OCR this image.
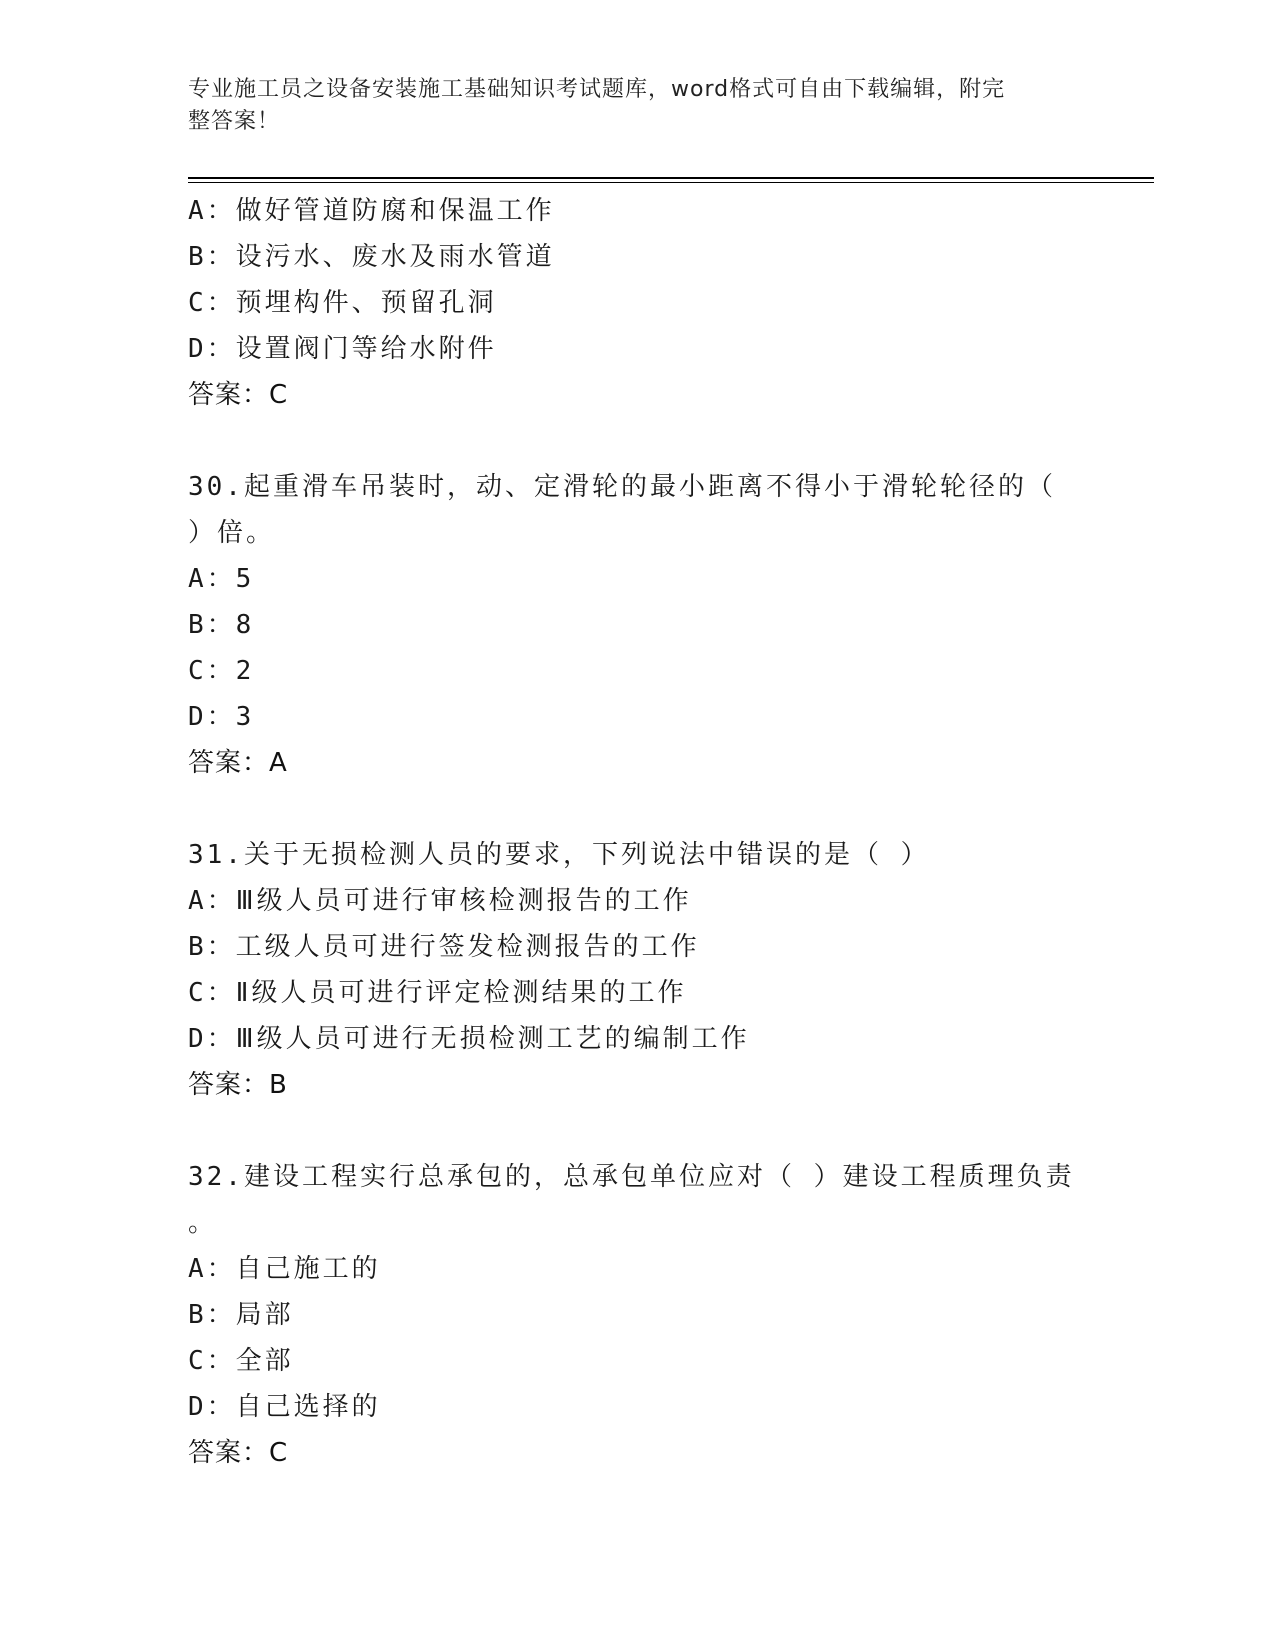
专业施工员之设备安装施工基础知识考试题库，word格式可自由下载编辑，附完
整答案！
A：做好管道防腐和保温工作
B：设污水、废水及雨水管道
C：预埋构件、预留孔洞
D：设置阀门等给水附件
答案：C
30.起重滑车吊装时，动、定滑轮的最小距离不得小于滑轮轮径的（
）倍。
A：5
B：8
C：2
D：3
答案：A
31.关于无损检测人员的要求，下列说法中错误的是（ ）
A：Ⅲ级人员可进行审核检测报告的工作
B：工级人员可进行签发检测报告的工作
C：Ⅱ级人员可进行评定检测结果的工作
D：Ⅲ级人员可进行无损检测工艺的编制工作
答案：B
32.建设工程实行总承包的，总承包单位应对（ ）建设工程质理负责
。
A：自己施工的
B：局部
C：全部
D：自己选择的
答案：C
